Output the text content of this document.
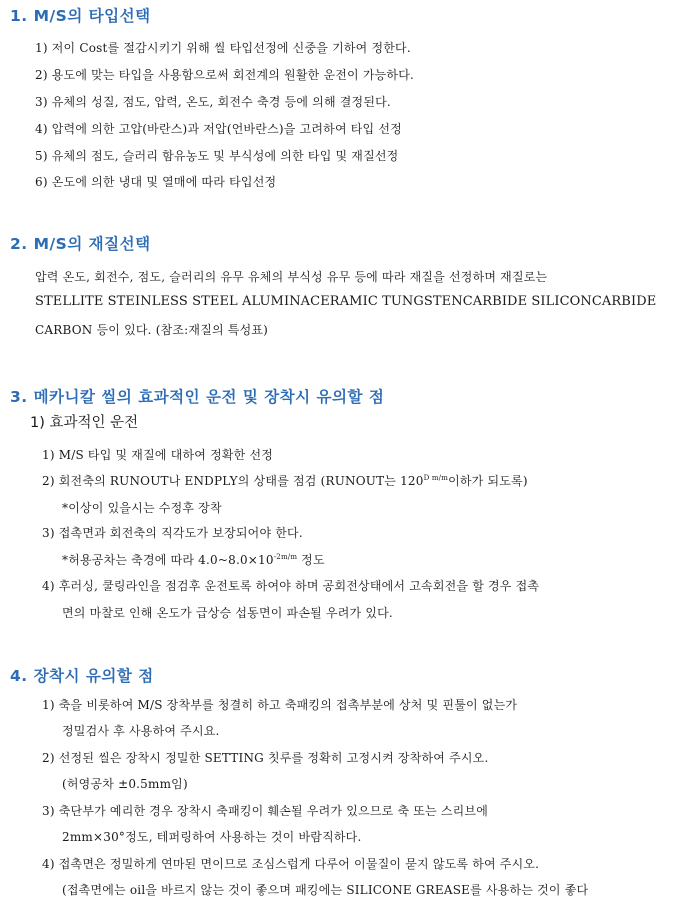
1. M/S의 타입선택
1) 저이 Cost를 절감시키기 위해 씰 타입선정에 신중을 기하여 정한다.
2) 용도에 맞는 타입을 사용함으로써 회전계의 원활한 운전이 가능하다.
3) 유체의 성질, 점도, 압력, 온도, 회전수 축경 등에 의해 결정된다.
4) 압력에 의한 고압(바란스)과 저압(언바란스)을 고려하여 타입 선정
5) 유체의 점도, 슬러리 함유농도 및 부식성에 의한 타입 및 재질선정
6) 온도에 의한 냉대 및 열매에 따라 타입선정
2. M/S의 재질선택
압력 온도, 회전수, 점도, 슬러리의 유무 유체의 부식성 유무 등에 따라 재질을 선정하며 재질로는
STELLITE STEINLESS STEEL ALUMINACERAMIC TUNGSTENCARBIDE SILICONCARBIDE
CARBON 등이 있다. (참조:재질의 특성표)
3. 메카니칼 씰의 효과적인 운전 및 장착시 유의할 점
1) 효과적인 운전
1) M/S 타입 및 재질에 대하여 정확한 선정
2) 회전축의 RUNOUT나 ENDPLY의 상태를 점검 (RUNOUT는 $120^{D m/m}$이하가 되도록)
*이상이 있을시는 수정후 장착
3) 접촉면과 회전축의 직각도가 보장되어야 한다.
*허용공차는 축경에 따라 $4.0\sim 8.0\times 10^{-2m/m}$ 정도
4) 후러싱, 쿨링라인을 점검후 운전토록 하여야 하며 공회전상태에서 고속회전을 할 경우 접촉
면의 마찰로 인해 온도가 급상승 섭동면이 파손될 우려가 있다.
4. 장착시 유의할 점
1) 축을 비롯하여 M/S 장착부를 청결히 하고 축패킹의 접촉부분에 상처 및 핀툴이 없는가
정밀검사 후 사용하여 주시요.
2) 선정된 씰은 장착시 정밀한 SETTING 칫루를 정확히 고정시켜 장착하여 주시오.
(허영공차 ±0.5mm임)
3) 축단부가 예리한 경우 장착시 축패킹이 훼손될 우려가 있으므로 축 또는 스리브에
2mm×30°정도, 테퍼링하여 사용하는 것이 바람직하다.
4) 접촉면은 정밀하게 연마된 면이므로 조심스럽게 다루어 이물질이 묻지 않도록 하여 주시오.
(접촉면에는 oil을 바르지 않는 것이 좋으며 패킹에는 SILICONE GREASE를 사용하는 것이 좋다
